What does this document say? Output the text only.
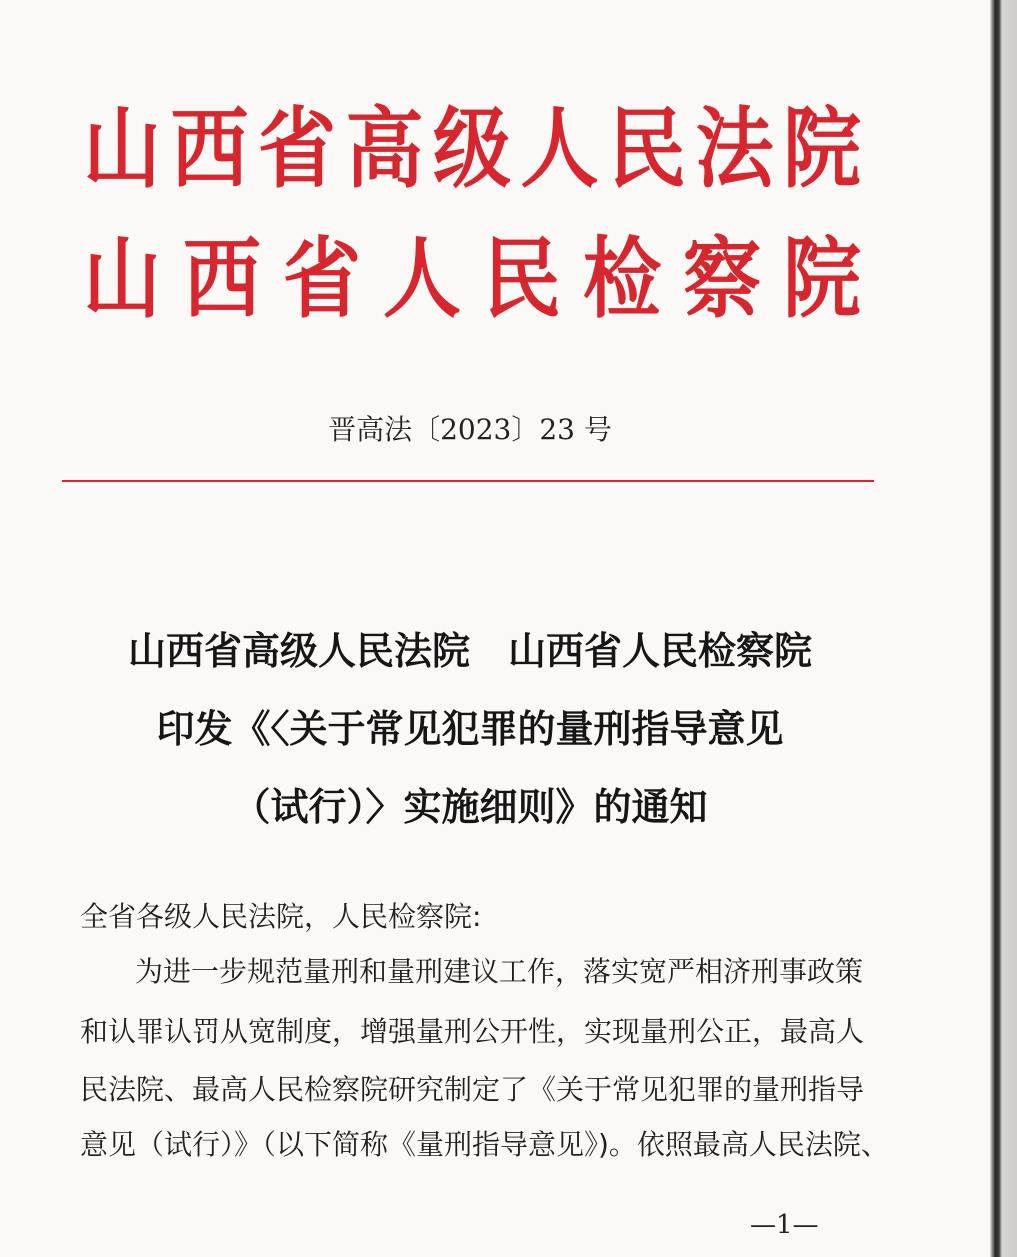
山 西 省 高 级 人 民 法 院
山 西 省 人 民 检 察 院
晋高法〔2023〕23 号
山西省高级人民法院　山西省人民检察院
印发《〈关于常见犯罪的量刑指导意见
（试行）〉实施细则》的通知
全省各级人民法院，人民检察院:
为进一步规范量刑和量刑建议工作，落实宽严相济刑事政策
和认罪认罚从宽制度，增强量刑公开性，实现量刑公正，最高人
民法院、最高人民检察院研究制定了《关于常见犯罪的量刑指导
意见（试行）》（以下简称《量刑指导意见》)。依照最高人民法院、
—1—
